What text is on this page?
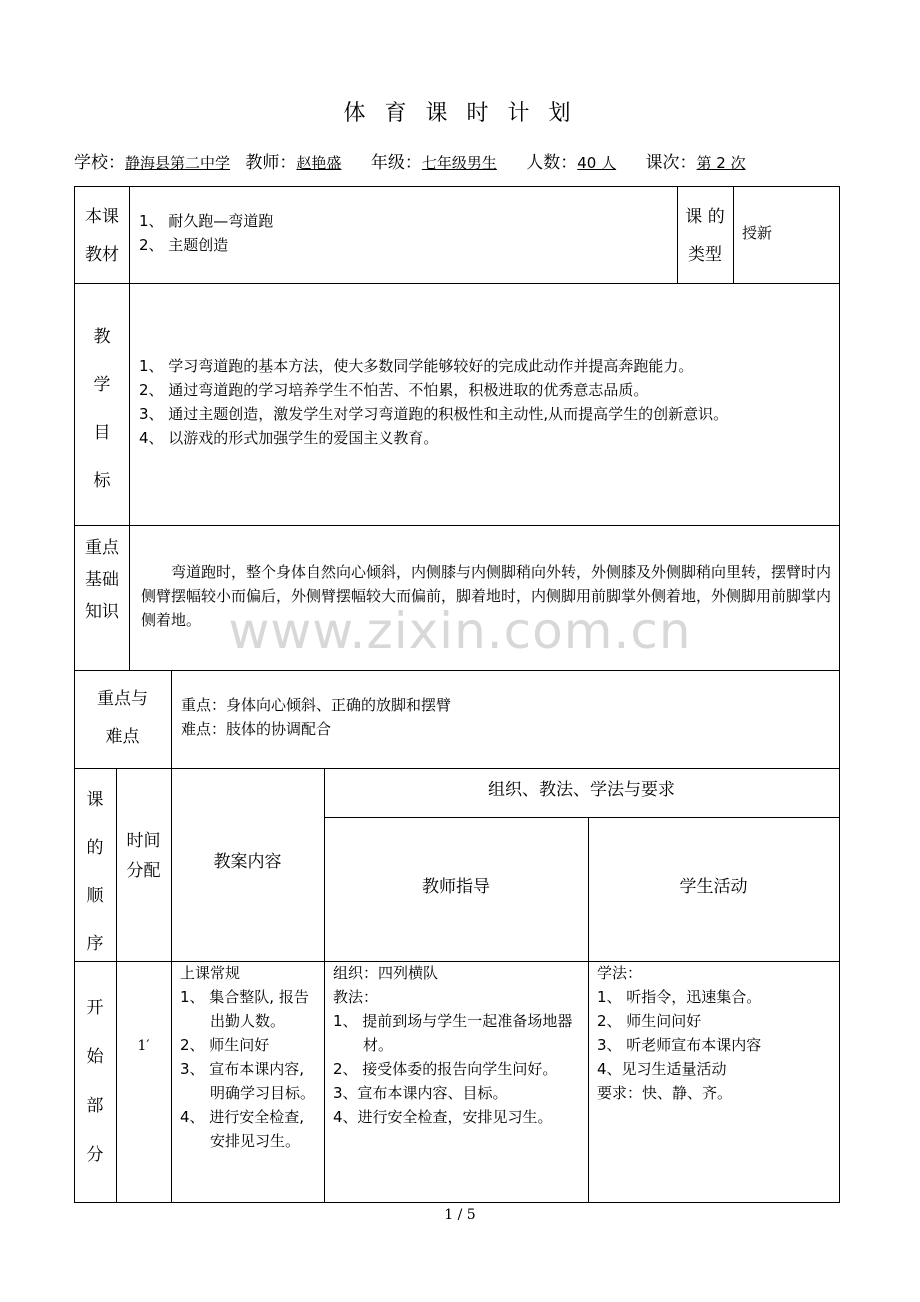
体 育 课 时 计 划
学校：静海县第二中学 教师：赵艳盛 年级：七年级男生 人数：40 人 课次：第 2 次
本课
教材
1、 耐久跑—弯道跑
2、 主题创造
课 的
类型
授新
教
学
目
标
1、 学习弯道跑的基本方法，使大多数同学能够较好的完成此动作并提高奔跑能力。
2、 通过弯道跑的学习培养学生不怕苦、不怕累，积极进取的优秀意志品质。
3、 通过主题创造，激发学生对学习弯道跑的积极性和主动性,从而提高学生的创新意识。
4、 以游戏的形式加强学生的爱国主义教育。
重点
基础
知识
弯道跑时，整个身体自然向心倾斜，内侧膝与内侧脚稍向外转，外侧膝及外侧脚稍向里转，摆臂时内侧臂摆幅较小而偏后，外侧臂摆幅较大而偏前，脚着地时，内侧脚用前脚掌外侧着地，外侧脚用前脚掌内侧着地。
重点与
难点
重点：身体向心倾斜、正确的放脚和摆臂
难点：肢体的协调配合
课
的
顺
序
时间
分配	教案内容
组织、教法、学法与要求
教师指导	学生活动
开
始
部
分
1′
上课常规
1、 集合整队, 报告出勤人数。
2、 师生问好
3、 宣布本课内容, 明确学习目标。
4、 进行安全检查, 安排见习生。
组织：四列横队
教法：
1、 提前到场与学生一起准备场地器材。
2、 接受体委的报告向学生问好。
3、宣布本课内容、目标。
4、进行安全检查，安排见习生。
学法：
1、 听指令，迅速集合。
2、 师生问问好
3、 听老师宣布本课内容
4、见习生适量活动
要求：快、静、齐。
www.zixin.com.cn
1 / 5
